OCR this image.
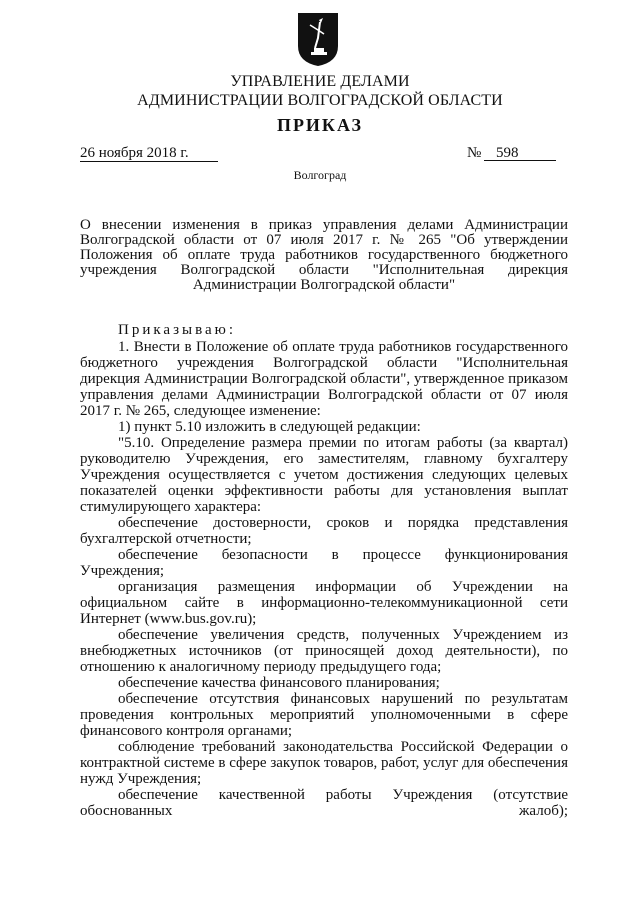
УПРАВЛЕНИЕ ДЕЛАМИ
АДМИНИСТРАЦИИ ВОЛГОГРАДСКОЙ ОБЛАСТИ
ПРИКАЗ
26 ноября 2018 г.	№ 598
Волгоград
О внесении изменения в приказ управления делами Администрации
Волгоградской области от 07 июля 2017 г. № 265 "Об утверждении
Положения об оплате труда работников государственного бюджетного
учреждения Волгоградской области "Исполнительная дирекция
Администрации Волгоградской области"
Приказываю:

1. Внести в Положение об оплате труда работников государственного бюджетного учреждения Волгоградской области "Исполнительная дирекция Администрации Волгоградской области", утвержденное приказом управления делами Администрации Волгоградской области от 07 июля 2017 г. № 265, следующее изменение:

1) пункт 5.10 изложить в следующей редакции:

"5.10. Определение размера премии по итогам работы (за квартал) руководителю Учреждения, его заместителям, главному бухгалтеру Учреждения осуществляется с учетом достижения следующих целевых показателей оценки эффективности работы для установления выплат стимулирующего характера:

обеспечение достоверности, сроков и порядка представления бухгалтерской отчетности;

обеспечение безопасности в процессе функционирования Учреждения;

организация размещения информации об Учреждении на официальном сайте в информационно-телекоммуникационной сети Интернет (www.bus.gov.ru);

обеспечение увеличения средств, полученных Учреждением из внебюджетных источников (от приносящей доход деятельности), по отношению к аналогичному периоду предыдущего года;

обеспечение качества финансового планирования;

обеспечение отсутствия финансовых нарушений по результатам проведения контрольных мероприятий уполномоченными в сфере финансового контроля органами;

соблюдение требований законодательства Российской Федерации о контрактной системе в сфере закупок товаров, работ, услуг для обеспечения нужд Учреждения;

обеспечение качественной работы Учреждения (отсутствие обоснованных жалоб);
